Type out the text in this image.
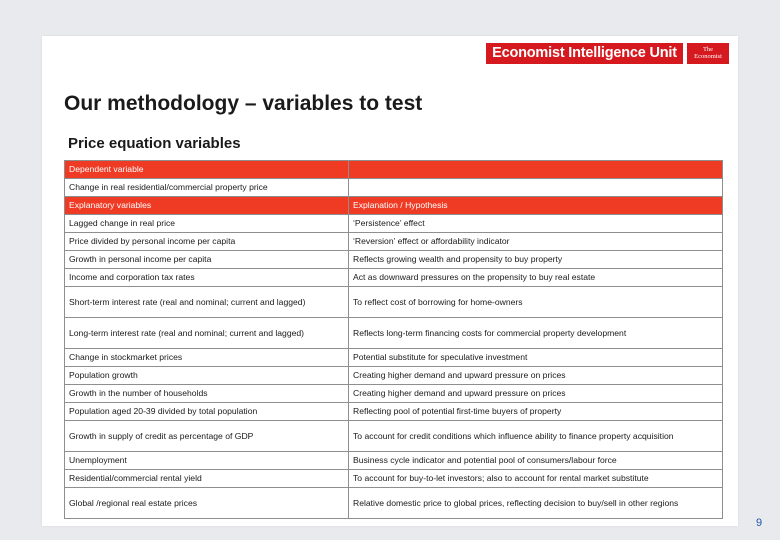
Economist Intelligence Unit	The
Economist
Our methodology – variables to test
Price equation variables
Dependent variable	
Change in real residential/commercial property price	
Explanatory variables	Explanation / Hypothesis
Lagged change in real price	‘Persistence’ effect
Price divided by personal income per capita	‘Reversion’ effect or affordability indicator
Growth in personal income per capita	Reflects growing wealth and propensity to buy property
Income and corporation tax rates	Act as downward pressures on the propensity to buy real estate
Short-term interest rate (real and nominal; current and lagged)	To reflect cost of borrowing for home-owners
Long-term interest rate (real and nominal; current and lagged)	Reflects long-term financing costs for commercial property development
Change in stockmarket prices	Potential substitute for speculative investment
Population growth	Creating higher demand and upward pressure on prices
Growth in the number of households	Creating higher demand and upward pressure on prices
Population aged 20-39 divided by total population	Reflecting pool of potential first-time buyers of property
Growth in supply of credit as percentage of GDP	To account for credit conditions which influence ability to finance property acquisition
Unemployment	Business cycle indicator and potential pool of consumers/labour force
Residential/commercial rental yield	To account for buy-to-let investors; also to account for rental market substitute
Global /regional real estate prices	Relative domestic price to global prices, reflecting decision to buy/sell in other regions
9
